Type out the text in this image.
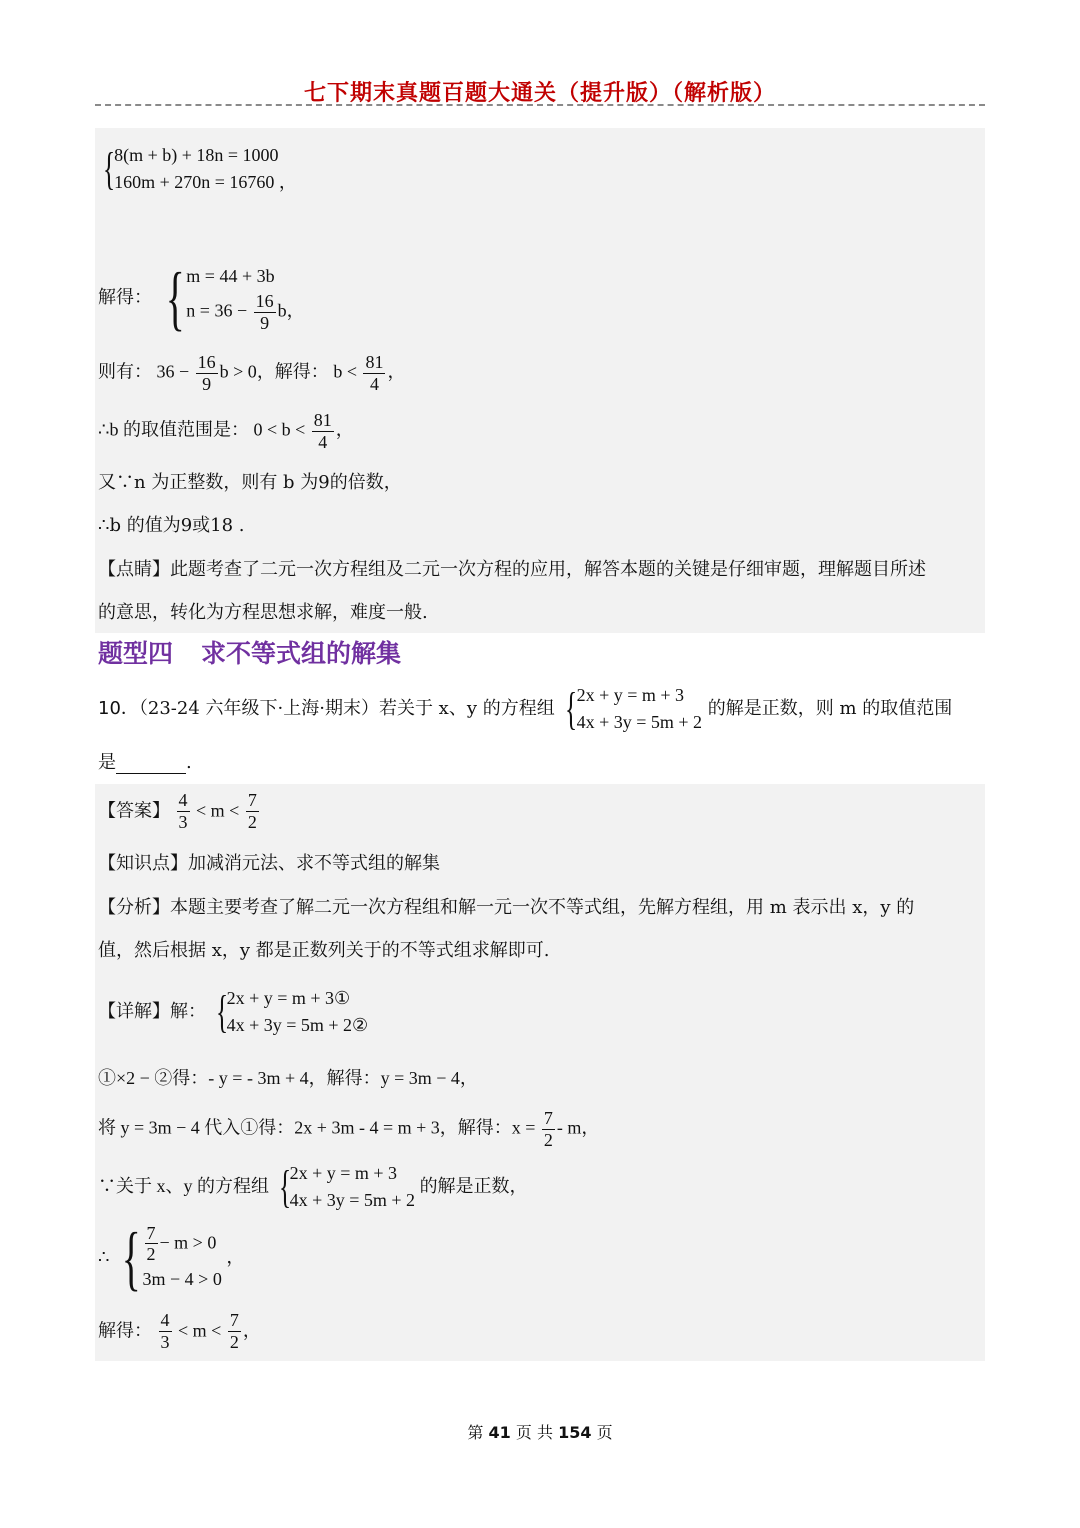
七下期末真题百题大通关（提升版）（解析版）
{
8(m + b) + 18n = 1000
160m + 270n = 16760 ，
解得： { m = 44 + 3b
$n = 36 - \frac{16}{9}$ b，
则有： $36 - \frac{16}{9}$ b > 0，解得： $b < \frac{81}{4}$ ，
∴b 的取值范围是： $0 < b < \frac{81}{4}$ ，
又∵n 为正整数，则有 b 为9的倍数，
∴b 的值为9或18 .
【点睛】此题考查了二元一次方程组及二元一次方程的应用，解答本题的关键是仔细审题，理解题目所述
的意思，转化为方程思想求解，难度一般.
题型四 求不等式组的解集
10．（23-24 六年级下·上海·期末）若关于 x、y 的方程组 {
2x + y = m + 3
4x + 3y = 5m + 2
的解是正数，则 m 的取值范围
是	.
【答案】 $\frac{4}{3} < m < \frac{7}{2}$
【知识点】加减消元法、求不等式组的解集
【分析】本题主要考查了解二元一次方程组和解一元一次不等式组，先解方程组，用 m 表示出 x，y 的
值，然后根据 x，y 都是正数列关于的不等式组求解即可.
【详解】解： {
2x + y = m + 3①
4x + 3y = 5m + 2②
①×2 − ②得：- y = - 3m + 4，解得：y = 3m − 4，
将 y = 3m − 4 代入①得：2x + 3m - 4 = m + 3，解得：$x = \frac{7}{2} - m$，
∵关于 x、y 的方程组 {
2x + y = m + 3
4x + 3y = 5m + 2
的解是正数，
∴ { $\frac{7}{2} - m > 0$
3m − 4 > 0
，
解得： $\frac{4}{3} < m < \frac{7}{2}$ ，
第 41 页 共 154 页
